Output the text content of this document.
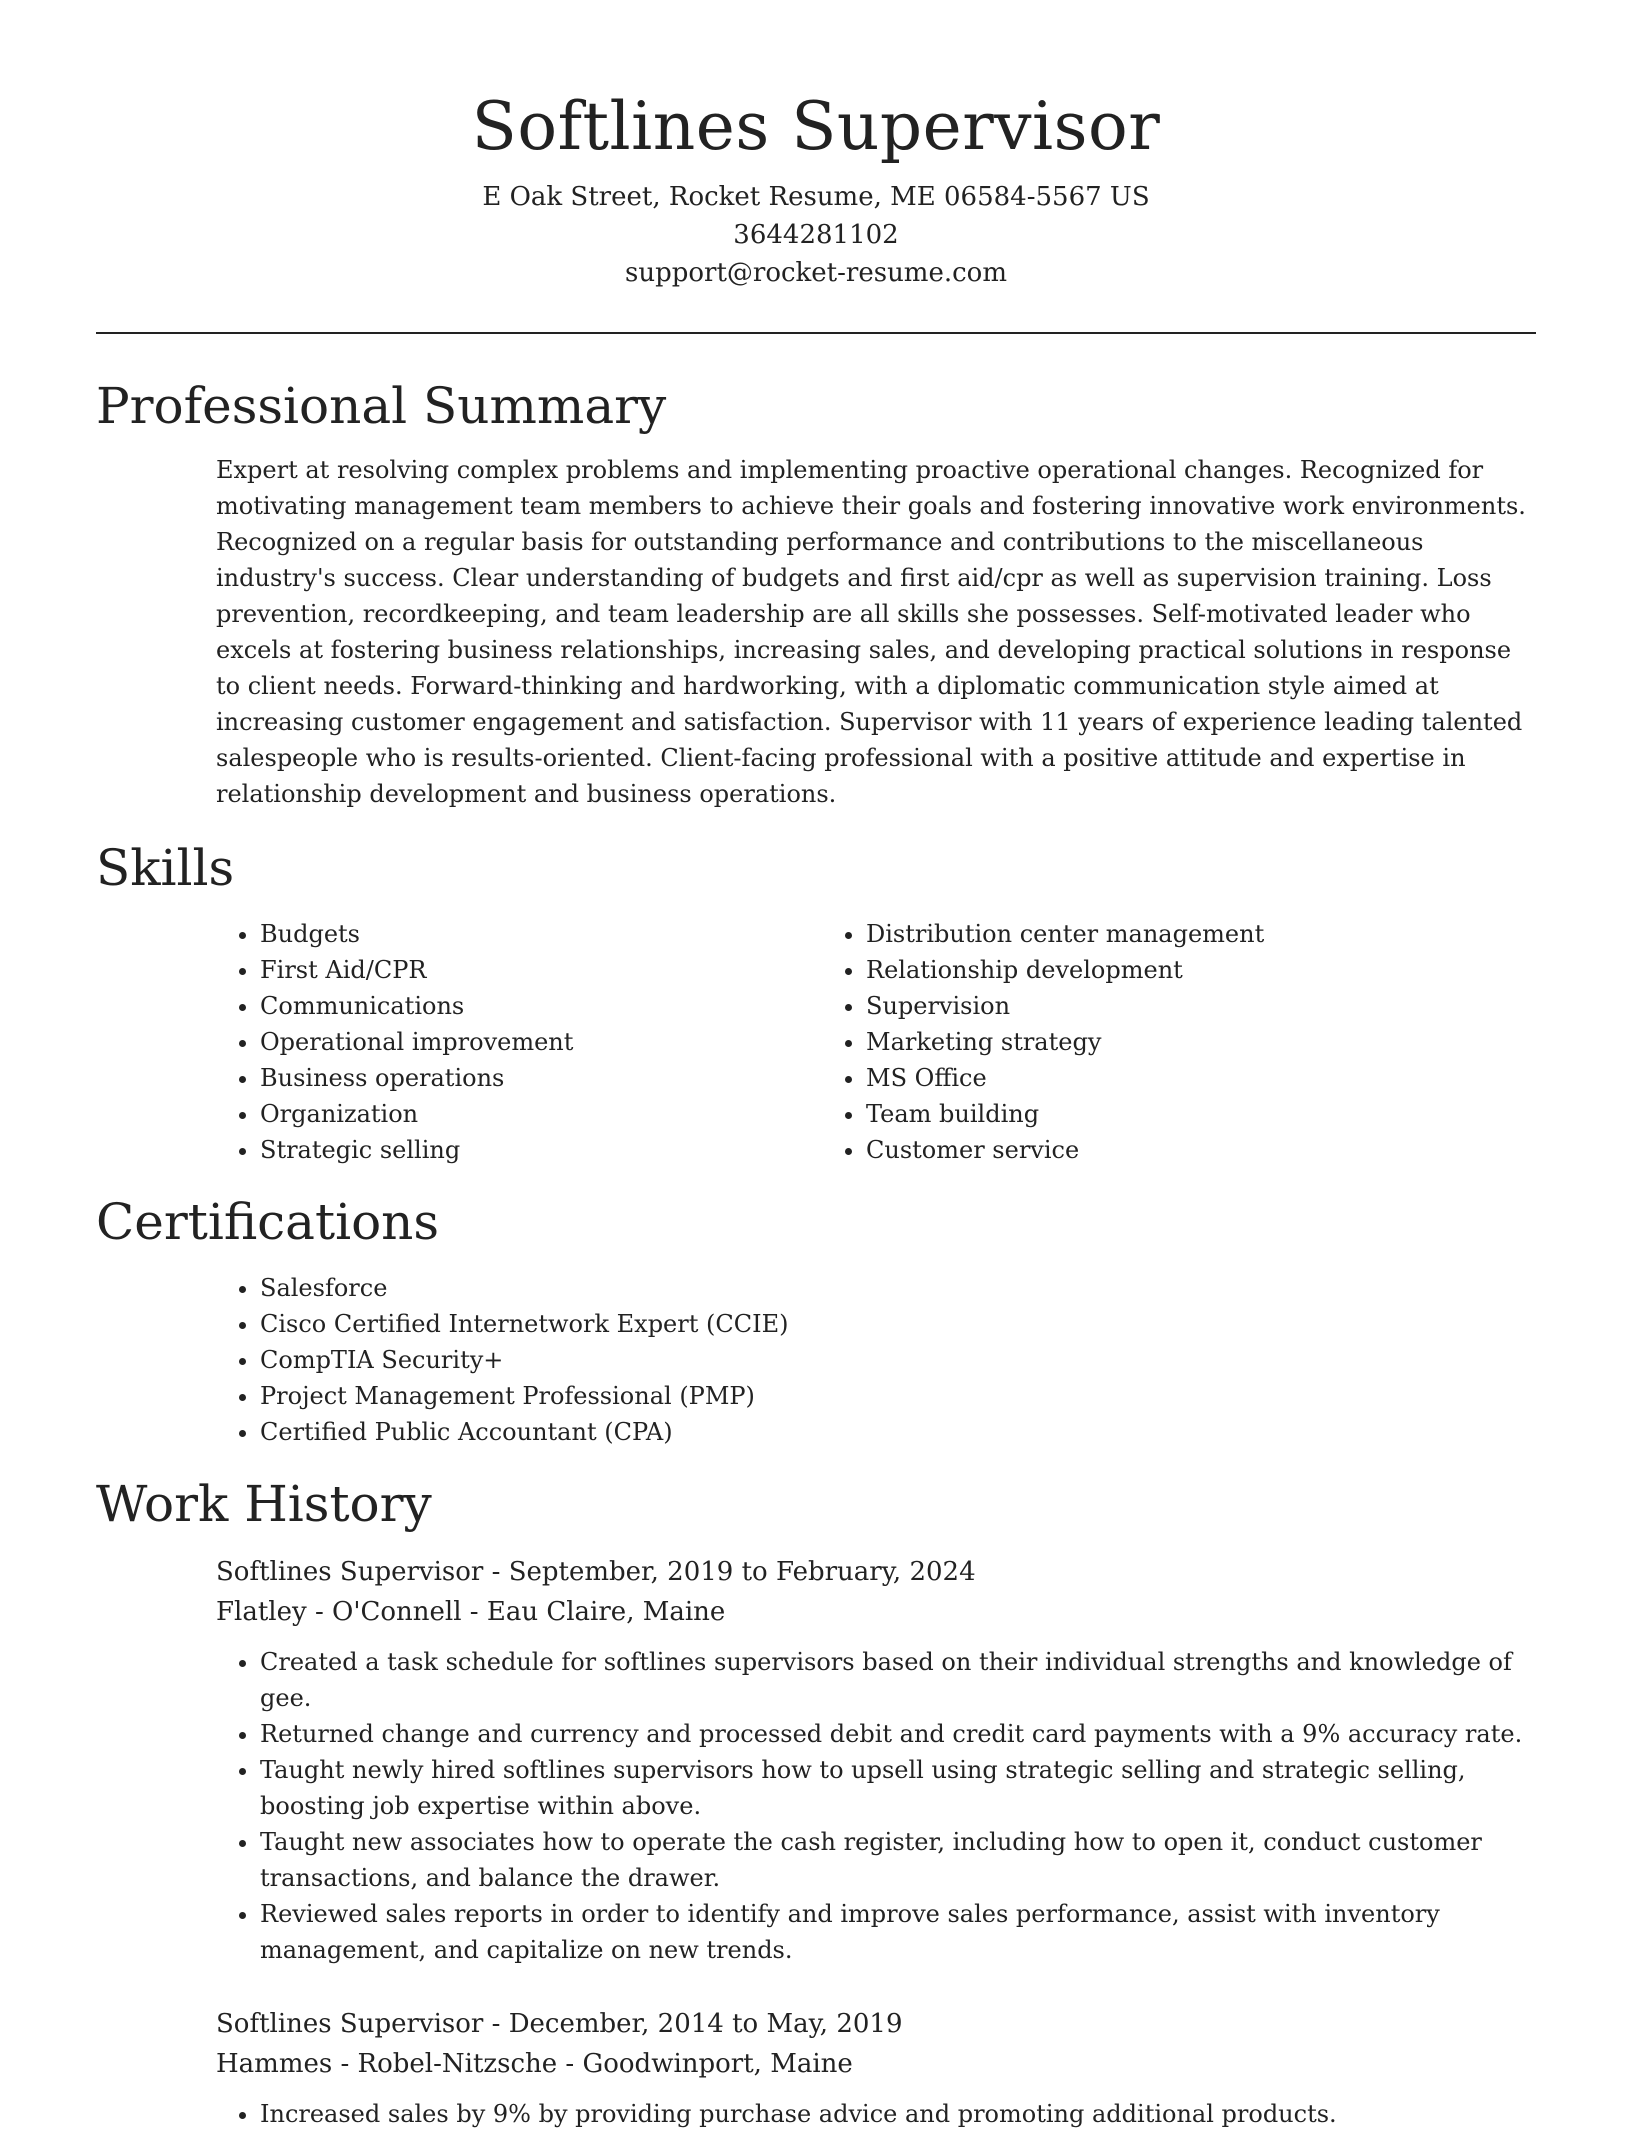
Softlines Supervisor
E Oak Street, Rocket Resume, ME 06584-5567 US
3644281102
support@rocket-resume.com
Professional Summary

Expert at resolving complex problems and implementing proactive operational changes. Recognized for motivating management team members to achieve their goals and fostering innovative work environments. Recognized on a regular basis for outstanding performance and contributions to the miscellaneous industry's success. Clear understanding of budgets and first aid/cpr as well as supervision training. Loss prevention, recordkeeping, and team leadership are all skills she possesses. Self-motivated leader who excels at fostering business relationships, increasing sales, and developing practical solutions in response to client needs. Forward-thinking and hardworking, with a diplomatic communication style aimed at increasing customer engagement and satisfaction. Supervisor with 11 years of experience leading talented salespeople who is results-oriented. Client-facing professional with a positive attitude and expertise in relationship development and business operations.

Skills
• Budgets
• First Aid/CPR
• Communications
• Operational improvement
• Business operations
• Organization
• Strategic selling
• Distribution center management
• Relationship development
• Supervision
• Marketing strategy
• MS Office
• Team building
• Customer service
Certifications
• Salesforce
• Cisco Certified Internetwork Expert (CCIE)
• CompTIA Security+
• Project Management Professional (PMP)
• Certified Public Accountant (CPA)
Work History
Softlines Supervisor - September, 2019 to February, 2024
Flatley - O'Connell - Eau Claire, Maine
• Created a task schedule for softlines supervisors based on their individual strengths and knowledge of gee.
• Returned change and currency and processed debit and credit card payments with a 9% accuracy rate.
• Taught newly hired softlines supervisors how to upsell using strategic selling and strategic selling, boosting job expertise within above.
• Taught new associates how to operate the cash register, including how to open it, conduct customer transactions, and balance the drawer.
• Reviewed sales reports in order to identify and improve sales performance, assist with inventory management, and capitalize on new trends.
Softlines Supervisor - December, 2014 to May, 2019
Hammes - Robel-Nitzsche - Goodwinport, Maine
• Increased sales by 9% by providing purchase advice and promoting additional products.
